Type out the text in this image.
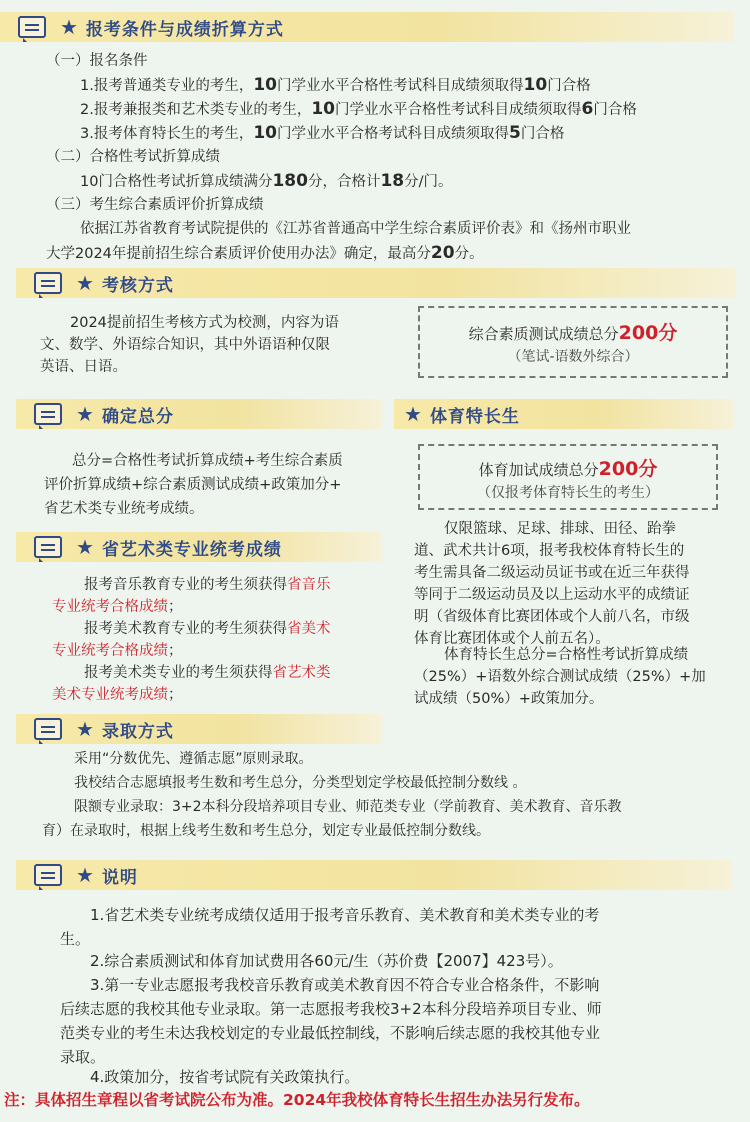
★ 报考条件与成绩折算方式
（一）报名条件
1.报考普通类专业的考生，10门学业水平合格性考试科目成绩须取得10门合格
2.报考兼报类和艺术类专业的考生，10门学业水平合格性考试科目成绩须取得6门合格
3.报考体育特长生的考生，10门学业水平合格考试科目成绩须取得5门合格
（二）合格性考试折算成绩
10门合格性考试折算成绩满分180分，合格计18分/门。
（三）考生综合素质评价折算成绩
依据江苏省教育考试院提供的《江苏省普通高中学生综合素质评价表》和《扬州市职业
大学2024年提前招生综合素质评价使用办法》确定，最高分20分。
★ 考核方式
2024提前招生考核方式为校测，内容为语
文、数学、外语综合知识，其中外语语种仅限
英语、日语。
综合素质测试成绩总分200分
（笔试-语数外综合）
★ 确定总分	★ 体育特长生
总分=合格性考试折算成绩+考生综合素质
评价折算成绩+综合素质测试成绩+政策加分+
省艺术类专业统考成绩。
体育加试成绩总分200分
（仅报考体育特长生的考生）
仅限篮球、足球、排球、田径、跆拳
道、武术共计6项，报考我校体育特长生的
考生需具备二级运动员证书或在近三年获得
等同于二级运动员及以上运动水平的成绩证
明（省级体育比赛团体或个人前八名，市级
体育比赛团体或个人前五名）。
体育特长生总分=合格性考试折算成绩
（25%）+语数外综合测试成绩（25%）+加
试成绩（50%）+政策加分。
★ 省艺术类专业统考成绩
报考音乐教育专业的考生须获得省音乐
专业统考合格成绩；
报考美术教育专业的考生须获得省美术
专业统考合格成绩；
报考美术类专业的考生须获得省艺术类
美术专业统考成绩；
★ 录取方式
采用“分数优先、遵循志愿”原则录取。
我校结合志愿填报考生数和考生总分，分类型划定学校最低控制分数线 。
限额专业录取：3+2本科分段培养项目专业、师范类专业（学前教育、美术教育、音乐教
育）在录取时，根据上线考生数和考生总分，划定专业最低控制分数线。
★ 说明
1.省艺术类专业统考成绩仅适用于报考音乐教育、美术教育和美术类专业的考
生。
2.综合素质测试和体育加试费用各60元/生（苏价费【2007】423号）。
3.第一专业志愿报考我校音乐教育或美术教育因不符合专业合格条件，不影响
后续志愿的我校其他专业录取。第一志愿报考我校3+2本科分段培养项目专业、师
范类专业的考生未达我校划定的专业最低控制线，不影响后续志愿的我校其他专业
录取。
4.政策加分，按省考试院有关政策执行。
注：具体招生章程以省考试院公布为准。2024年我校体育特长生招生办法另行发布。
